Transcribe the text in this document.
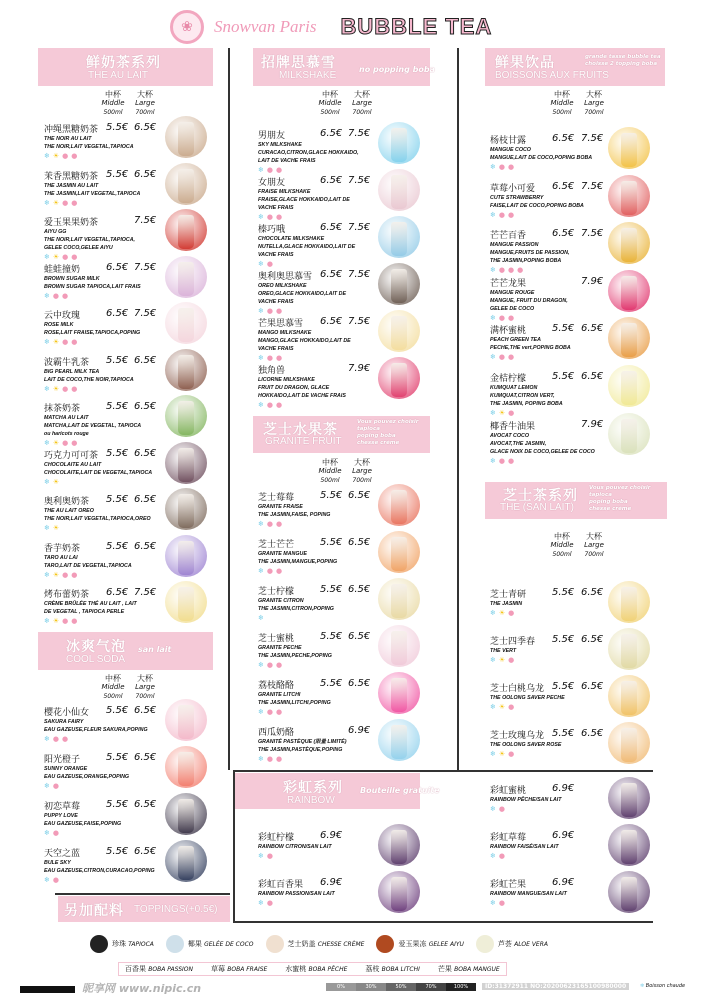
❀	Snowvan Paris BUBBLE TEA
鲜奶茶系列
THE AU LAIT
中杯
Middle
500ml
大杯
Large
700ml
冲绳黑糖奶茶 5.5€ 6.5€
THE NOIR AU LAIT
THE NOIR,LAIT VEGETAL,TAPIOCA
❄ ☀ ● ●
茉香黑糖奶茶 5.5€ 6.5€
THE JASMIN AU LAIT
THE JASMIN,LAIT VEGETAL,TAPIOCA
❄ ☀ ● ●
爱玉果果奶茶	7.5€
AIYU GG
THE NOIR,LAIT VEGETAL,TAPIOCA,
GELEE COCO,GELEE AIYU
❄ ☀ ● ●
蛙蛙撞奶	6.5€ 7.5€
BROWN SUGAR MILK
BROWN SUGAR TAPIOCA,LAIT FRAIS
❄ ● ●
云中玫瑰	6.5€ 7.5€
ROSE MILK
ROSE,LAIT FRAISE,TAPIOCA,POPING
❄ ☀ ● ●
波霸牛乳茶 5.5€ 6.5€
BIG PEARL MILK TEA
LAIT DE COCO,THE NOIR,TAPIOCA
❄ ☀ ● ●
抹茶奶茶	5.5€ 6.5€
MATCHA AU LAIT
MATCHA,LAIT DE VEGETAL, TAPIOCA
ou haricots rouge
❄ ☀ ● ●
巧克力可可茶 5.5€ 6.5€
CHOCOLAITE AU LAIT
CHOCOLAITE,LAIT DE VEGETAL,TAPIOCA
❄ ☀
奥利奥奶茶 5.5€ 6.5€
THE AU LAIT OREO
THE NOIR,LAIT VEGETAL,TAPIOCA,OREO
❄ ☀
香芋奶茶	5.5€ 6.5€
TARO AU LAI
TARO,LAIT DE VEGETAL,TAPIOCA
❄ ☀ ● ●
烤布蕾奶茶 6.5€ 7.5€
CRÈME BRÛLÉE THÉ AU LAIT , LAIT
DE VEGETAL , TAPIOCA PERLE
❄ ☀ ● ●
冰爽气泡
COOL SODA
san lait
中杯
Middle
500ml
大杯
Large
700ml
樱花小仙女 5.5€ 6.5€
SAKURA FAIRY
EAU GAZEUSE,FLEUR SAKURA,POPING
❄ ● ●
阳光橙子	5.5€ 6.5€
SUNNY ORANGE
EAU GAZEUSE,ORANGE,POPING
❄ ●
初恋草莓	5.5€ 6.5€
PUPPY LOVE
EAU GAZEUSE,FAISE,POPING
❄ ●
天空之蓝	5.5€ 6.5€
BULE SKY
EAU GAZEUSE,CITRON,CURACAO,POPING
❄ ●
招牌思慕雪
MILKSHAKE
no popping boba
中杯
Middle
500ml
大杯
Large
700ml
男朋友	6.5€ 7.5€
SKY MILKSHAKE
CURACAO,CITRON,GLACE HOKKAIDO,
LAIT DE VACHE FRAIS
❄ ● ●
女朋友	6.5€ 7.5€
FRAISE MILKSHAKE
FRAISE,GLACE HOKKAIDO,LAIT DE
VACHE FRAIS
❄ ● ●
榛巧哦	6.5€ 7.5€
CHOCOLATE MILKSHAKE
NUTELLA,GLACE HOKKAIDO,LAIT DE
VACHE FRAIS
❄ ●
奥利奥思慕雪 6.5€ 7.5€
OREO MILKSHAKE
OREO,GLACE HOKKAIDO,LAIT DE
VACHE FRAIS
❄ ● ●
芒果思慕雪 6.5€ 7.5€
MANGO MILKSHAKE
MANGO,GLACE HOKKAIDO,LAIT DE
VACHE FRAIS
❄ ● ●
独角兽	7.9€
LICORNE MILKSHAKE
FRUIT DU DRAGON, GLACE
HOKKAIDO,LAIT DE VACHE FRAIS
❄ ● ●
芝士水果茶
GRANITE FRUIT
Vous pouvez choisir
tapioca
poping boba
chesse crème
中杯
Middle
500ml
大杯
Large
700ml
芝士莓莓	5.5€ 6.5€
GRANITE FRAISE
THE JASMIN,FAISE, POPING
❄ ● ●
芝士芒芒	5.5€ 6.5€
GRANITE MANGUE
THE JASMIN,MANGUE,POPING
❄ ● ●
芝士柠檬	5.5€ 6.5€
GRANITE CITRON
THE JASMIN,CITRON,POPING
❄
芝士蜜桃	5.5€ 6.5€
GRANITE PECHE
THE JASMIN,PECHE,POPING
❄ ● ●
荔枝酪酪	5.5€ 6.5€
GRANITE LITCHI
THE JASMIN,LITCHI,POPING
❄ ● ●
西瓜奶酪	6.9€
GRANITÉ PASTÈQUE (限量 LIMITÉ)
THE JASMIN,PASTÈQUE,POPING
❄ ● ●
彩虹系列
RAINBOW
Bouteille gratuite
彩虹柠檬	6.9€
RAINBOW CITRON/SAN LAIT
❄ ●
彩虹百香果 6.9€
RAINBOW PASSION/SAN LAIT
❄ ●
鲜果饮品
BOISSONS AUX FRUITS
grande tasse bubble tea
choisse 2 topping boba
中杯
Middle
500ml
大杯
Large
700ml
杨枝甘露	6.5€ 7.5€
MANGUE COCO
MANGUE,LAIT DE COCO,POPING BOBA
❄ ● ●
草莓小可爱 6.5€ 7.5€
CUTE STRAWBERRY
FAISE,LAIT DE COCO,POPING BOBA
❄ ● ●
芒芒百香	6.5€ 7.5€
MANGUE PASSION
MANGUE,FRUITS DE PASSION,
THE JASMIN,POPING BOBA
❄ ● ● ●
芒芒龙果	7.9€
MANGUE ROUGE
MANGUE, FRUIT DU DRAGON,
GELEE DE COCO
❄ ● ●
满杯蜜桃	5.5€ 6.5€
PEACH GREEN TEA
PECHE,THE vert,POPING BOBA
❄ ● ●
金桔柠檬	5.5€ 6.5€
KUMQUAT LEMON
KUMQUAT,CITRON VERT,
THE JASMIN, POPING BOBA
❄ ☀ ●
椰香牛油果	7.9€
AVOCAT COCO
AVOCAT,THE JASMIN,
GLACE NOIX DE COCO,GELEE DE COCO
❄ ● ●
芝士茶系列
THE (SAN LAIT)
Vous pouvez choisir
tapioca
poping boba
chesse crème
中杯
Middle
500ml
大杯
Large
700ml
芝士青研	5.5€ 6.5€
THE JASMIN
❄ ☀ ●
芝士四季春 5.5€ 6.5€
THE VERT
❄ ☀ ●
芝士白桃乌龙 5.5€ 6.5€
THE OOLONG SAVER PECHE
❄ ☀ ●
芝士玫瑰乌龙 5.5€ 6.5€
THE OOLONG SAVER ROSE
❄ ☀ ●
彩虹蜜桃	6.9€
RAINBOW PÊCHE/SAN LAIT
❄ ●
彩虹草莓	6.9€
RAINBOW FAISÉ/SAN LAIT
❄ ●
彩虹芒果	6.9€
RAINBOW MANGUE/SAN LAIT
❄ ●
另加配料 TOPPINGS(+0.5€)
珍珠 TAPIOCA	椰果 GELÉE DE COCO	芝士奶盖 CHESSE CRÈME	爱玉果冻 GELEE AIYU	芦荟 ALOE VERA
百香果 BOBA PASSION	草莓 BOBA FRAISE	水蜜桃 BOBA PÊCHE	荔枝 BOBA LITCHI	芒果 BOBA MANGUE
昵享网 www.nipic.cn	0%	30%	50%	70%	100%	ID:31372911 NO:20200623165100980000	❄ Boisson chaude
